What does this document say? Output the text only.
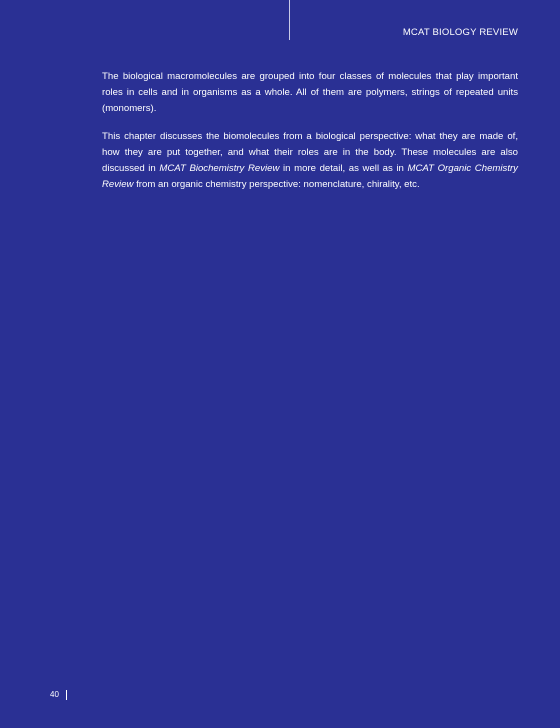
MCAT BIOLOGY REVIEW

The biological macromolecules are grouped into four classes of molecules that play important roles in cells and in organisms as a whole. All of them are polymers, strings of repeated units (monomers).

This chapter discusses the biomolecules from a biological perspective: what they are made of, how they are put together, and what their roles are in the body. These molecules are also discussed in MCAT Biochemistry Review in more detail, as well as in MCAT Organic Chemistry Review from an organic chemistry perspective: nomenclature, chirality, etc.

40
